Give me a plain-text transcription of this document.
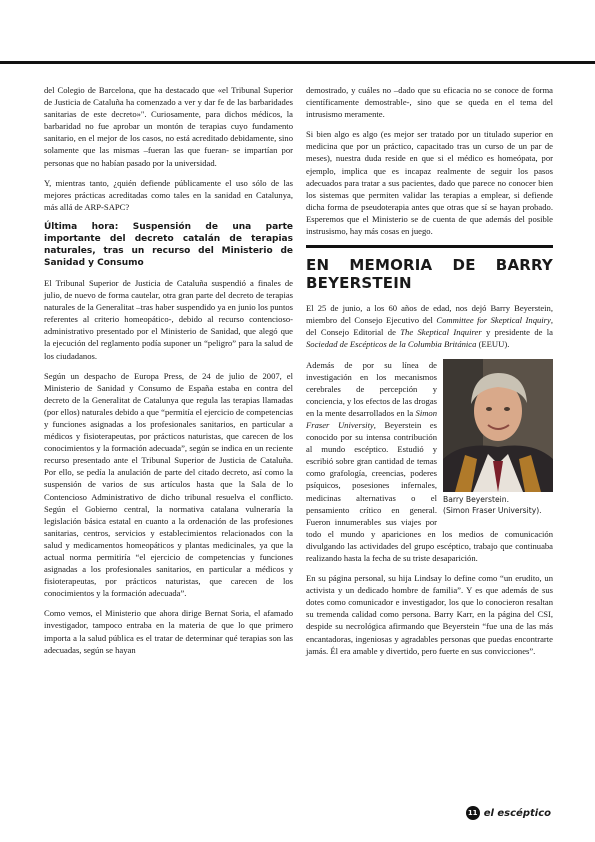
del Colegio de Barcelona, que ha destacado que «el Tribunal Superior de Justicia de Cataluña ha comenzado a ver y dar fe de las barbaridades sanitarias de este decreto»". Curiosamente, para dichos médicos, la barbaridad no fue aprobar un montón de terapias cuyo fundamento sanitario, en el mejor de los casos, no está acreditado debidamente, sino solamente que las mismas –fueran las que fueran- se impartían por personas que no habían pasado por la universidad.

Y, mientras tanto, ¿quién defiende públicamente el uso sólo de las mejores prácticas acreditadas como tales en la sanidad en Catalunya, más allá de ARP-SAPC?

Última hora: Suspensión de una parte importante del decreto catalán de terapias naturales, tras un recurso del Ministerio de Sanidad y Consumo

El Tribunal Superior de Justicia de Cataluña suspendió a finales de julio, de nuevo de forma cautelar, otra gran parte del decreto de terapias naturales de la Generalitat –tras haber suspendido ya en junio los puntos referentes al criterio homeopático-, debido al recurso contencioso-administrativo presentado por el Ministerio de Sanidad, que alegó que la ejecución del reglamento podía suponer un “peligro” para la salud de los ciudadanos.

Según un despacho de Europa Press, de 24 de julio de 2007, el Ministerio de Sanidad y Consumo de España estaba en contra del decreto de la Generalitat de Catalunya que regula las terapias llamadas (por ellos) naturales debido a que “permitía el ejercicio de competencias y funciones asignadas a los profesionales sanitarios, en particular a médicos y fisioterapeutas, por prácticos naturistas, que carecen de los conocimientos y la formación adecuada”, según se indica en un reciente recurso presentado ante el Tribunal Superior de Justicia de Cataluña. Por ello, se pedía la anulación de parte del citado decreto, así como la suspensión de varios de sus artículos hasta que la Sala de lo Contencioso Administrativo de dicho tribunal resuelva el conflicto. Según el Gobierno central, la normativa catalana vulneraría la legislación básica estatal en cuanto a la ordenación de las profesiones sanitarias, centros, servicios y establecimientos relacionados con la salud y medicamentos homeopáticos y plantas medicinales, ya que la actual norma permitiría “el ejercicio de competencias y funciones asignadas a los profesionales sanitarios, en particular a médicos y fisioterapeutas, por prácticos naturistas, que carecen de los conocimientos y la formación adecuada”.

Como vemos, el Ministerio que ahora dirige Bernat Soria, el afamado investigador, tampoco entraba en la materia de que lo que primero importa a la salud pública es el tratar de determinar qué terapias son las adecuadas, según se hayan

demostrado, y cuáles no –dado que su eficacia no se conoce de forma científicamente demostrable-, sino que se queda en el tema del intrusismo meramente.

Si bien algo es algo (es mejor ser tratado por un titulado superior en medicina que por un práctico, capacitado tras un curso de un par de meses), nuestra duda reside en que si el médico es homeópata, por ejemplo, implica que es incapaz realmente de seguir los pasos adecuados para tratar a sus pacientes, dado que parece no conocer bien los sistemas que permiten validar las terapias a emplear, si defiende dicha forma de pseudoterapia antes que otras que sí se hayan probado. Esperemos que el Ministerio se de cuenta de que además del posible instrusismo, hay más cosas en juego.

EN MEMORIA DE BARRY BEYERSTEIN

El 25 de junio, a los 60 años de edad, nos dejó Barry Beyerstein, miembro del Consejo Ejecutivo del Committee for Skeptical Inquiry, del Consejo Editorial de The Skeptical Inquirer y presidente de la Sociedad de Escépticos de la Columbia Británica (EEUU).

Barry Beyerstein.
(Simon Fraser University).

Además de por su línea de investigación en los mecanismos cerebrales de percepción y conciencia, y los efectos de las drogas en la mente desarrollados en la Simon Fraser University, Beyerstein es conocido por su intensa contribución al mundo escéptico. Estudió y escribió sobre gran cantidad de temas como grafología, creencias, poderes psíquicos, posesiones infernales, medicinas alternativas o el pensamiento crítico en general. Fueron innumerables sus viajes por todo el mundo y apariciones en los medios de comunicación divulgando las actividades del grupo escéptico, trabajo que continuaba realizando hasta la fecha de su triste desaparición.

En su página personal, su hija Lindsay lo define como “un erudito, un activista y un dedicado hombre de familia”. Y es que además de sus dotes como comunicador e investigador, los que lo conocieron resaltan su tremenda calidad como persona. Barry Karr, en la página del CSI, despide su necrológica afirmando que Beyerstein “fue una de las más encantadoras, ingeniosas y agradables personas que puedas encontrarte jamás. Él era amable y divertido, pero fuerte en sus convicciones”.

11 el escéptico
